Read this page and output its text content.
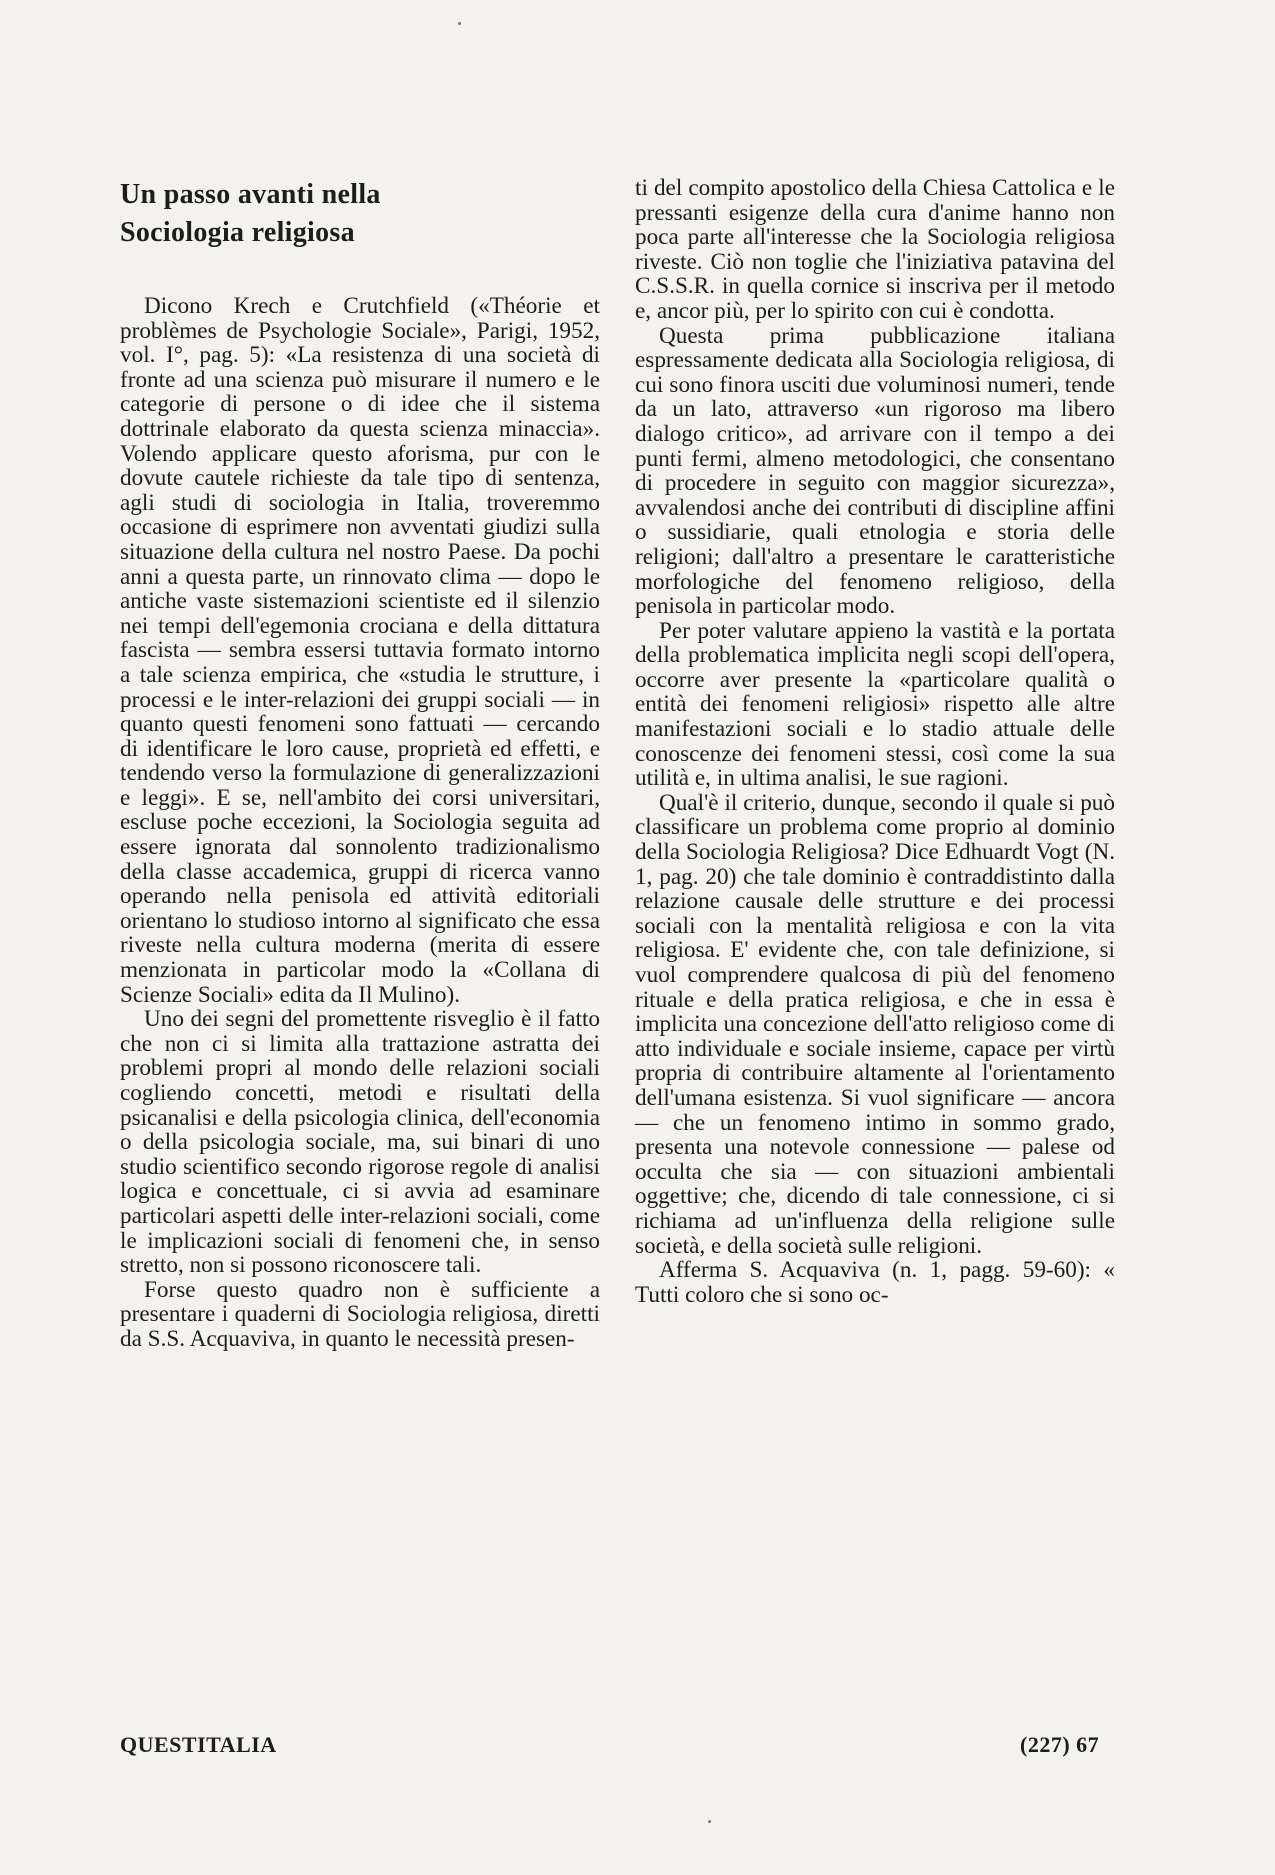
Un passo avanti nella
Sociologia religiosa

Dicono Krech e Crutchfield («Théorie et problèmes de Psychologie Sociale», Parigi, 1952, vol. I°, pag. 5): «La resistenza di una società di fronte ad una scienza può misurare il numero e le categorie di persone o di idee che il sistema dottrinale elaborato da questa scienza minaccia». Volendo applicare questo aforisma, pur con le dovute cautele richieste da tale tipo di sentenza, agli studi di sociologia in Italia, troveremmo occasione di esprimere non avventati giudizi sulla situazione della cultura nel nostro Paese. Da pochi anni a questa parte, un rinnovato clima — dopo le antiche vaste sistemazioni scientiste ed il silenzio nei tempi dell'egemonia crociana e della dittatura fascista — sembra essersi tuttavia formato intorno a tale scienza empirica, che «studia le strutture, i processi e le inter-relazioni dei gruppi sociali — in quanto questi fenomeni sono fattuati — cercando di identificare le loro cause, proprietà ed effetti, e tendendo verso la formulazione di generalizzazioni e leggi». E se, nell'ambito dei corsi universitari, escluse poche eccezioni, la Sociologia seguita ad essere ignorata dal sonnolento tradizionalismo della classe accademica, gruppi di ricerca vanno operando nella penisola ed attività editoriali orientano lo studioso intorno al significato che essa riveste nella cultura moderna (merita di essere menzionata in particolar modo la «Collana di Scienze Sociali» edita da Il Mulino).

Uno dei segni del promettente risveglio è il fatto che non ci si limita alla trattazione astratta dei problemi propri al mondo delle relazioni sociali cogliendo concetti, metodi e risultati della psicanalisi e della psicologia clinica, dell'economia o della psicologia sociale, ma, sui binari di uno studio scientifico secondo rigorose regole di analisi logica e concettuale, ci si avvia ad esaminare particolari aspetti delle inter-relazioni sociali, come le implicazioni sociali di fenomeni che, in senso stretto, non si possono riconoscere tali.

Forse questo quadro non è sufficiente a presentare i quaderni di Sociologia religiosa, diretti da S.S. Acquaviva, in quanto le necessità presen-

ti del compito apostolico della Chiesa Cattolica e le pressanti esigenze della cura d'anime hanno non poca parte all'interesse che la Sociologia religiosa riveste. Ciò non toglie che l'iniziativa patavina del C.S.S.R. in quella cornice si inscriva per il metodo e, ancor più, per lo spirito con cui è condotta.

Questa prima pubblicazione italiana espressamente dedicata alla Sociologia religiosa, di cui sono finora usciti due voluminosi numeri, tende da un lato, attraverso «un rigoroso ma libero dialogo critico», ad arrivare con il tempo a dei punti fermi, almeno metodologici, che consentano di procedere in seguito con maggior sicurezza», avvalendosi anche dei contributi di discipline affini o sussidiarie, quali etnologia e storia delle religioni; dall'altro a presentare le caratteristiche morfologiche del fenomeno religioso, della penisola in particolar modo.

Per poter valutare appieno la vastità e la portata della problematica implicita negli scopi dell'opera, occorre aver presente la «particolare qualità o entità dei fenomeni religiosi» rispetto alle altre manifestazioni sociali e lo stadio attuale delle conoscenze dei fenomeni stessi, così come la sua utilità e, in ultima analisi, le sue ragioni.

Qual'è il criterio, dunque, secondo il quale si può classificare un problema come proprio al dominio della Sociologia Religiosa? Dice Edhuardt Vogt (N. 1, pag. 20) che tale dominio è contraddistinto dalla relazione causale delle strutture e dei processi sociali con la mentalità religiosa e con la vita religiosa. E' evidente che, con tale definizione, si vuol comprendere qualcosa di più del fenomeno rituale e della pratica religiosa, e che in essa è implicita una concezione dell'atto religioso come di atto individuale e sociale insieme, capace per virtù propria di contribuire altamente al l'orientamento dell'umana esistenza. Si vuol significare — ancora — che un fenomeno intimo in sommo grado, presenta una notevole connessione — palese od occulta che sia — con situazioni ambientali oggettive; che, dicendo di tale connessione, ci si richiama ad un'influenza della religione sulle società, e della società sulle religioni.

Afferma S. Acquaviva (n. 1, pagg. 59-60): « Tutti coloro che si sono oc-

QUESTITALIA	(227) 67
